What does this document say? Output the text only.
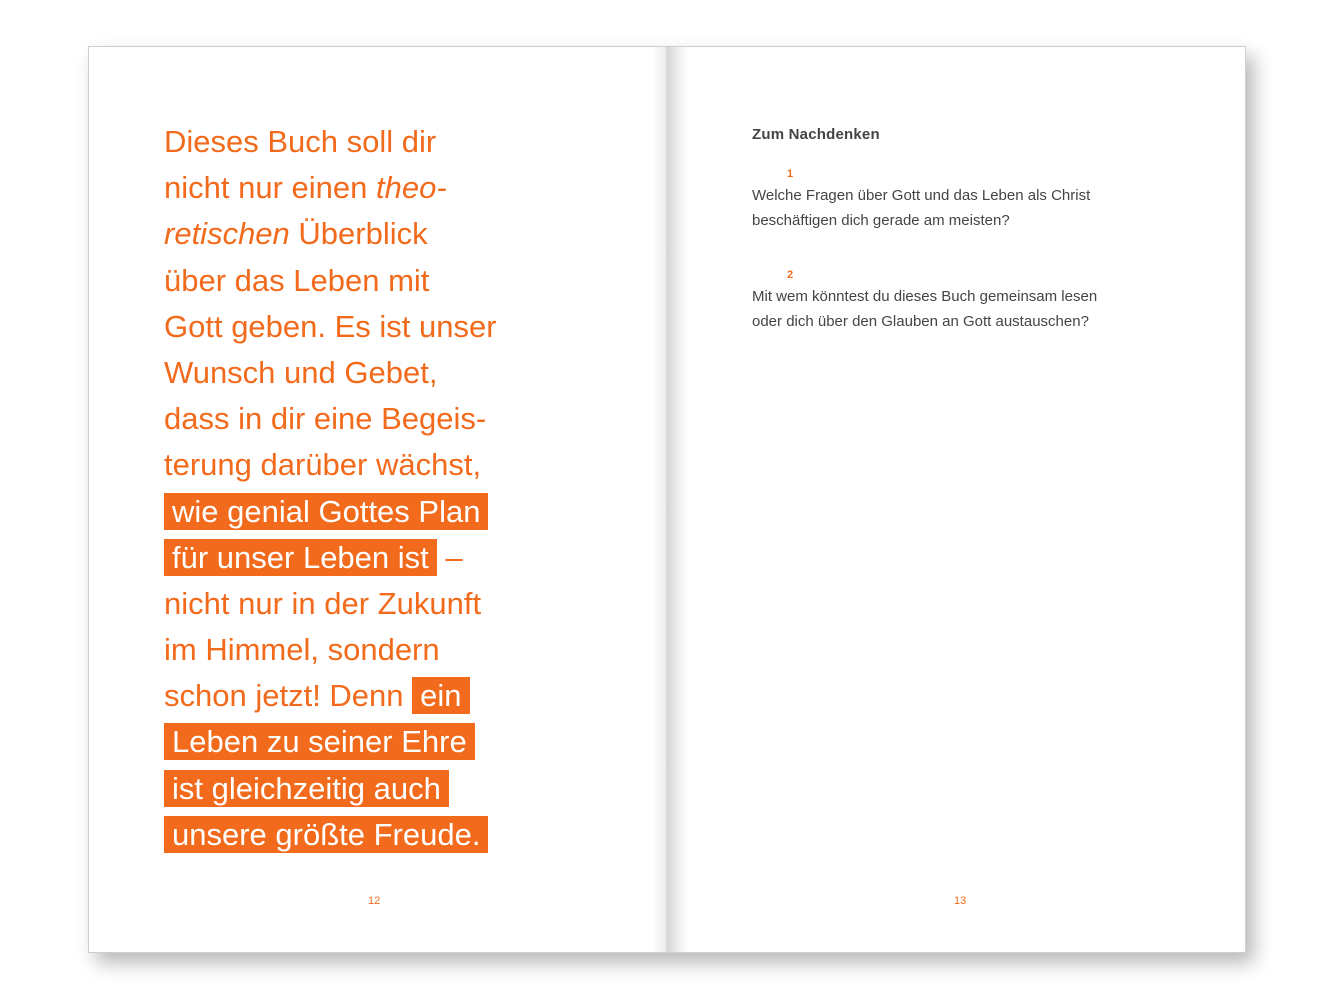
Dieses Buch soll dir
nicht nur einen theo-
retischen Überblick
über das Leben mit
Gott geben. Es ist unser
Wunsch und Gebet,
dass in dir eine Begeis-
terung darüber wächst,
wie genial Gottes Plan
für unser Leben ist –
nicht nur in der Zukunft
im Himmel, sondern
schon jetzt! Denn ein
Leben zu seiner Ehre
ist gleichzeitig auch
unsere größte Freude.
12
Zum Nachdenken
1
Welche Fragen über Gott und das Leben als Christ
beschäftigen dich gerade am meisten?
2
Mit wem könntest du dieses Buch gemeinsam lesen
oder dich über den Glauben an Gott austauschen?
13
